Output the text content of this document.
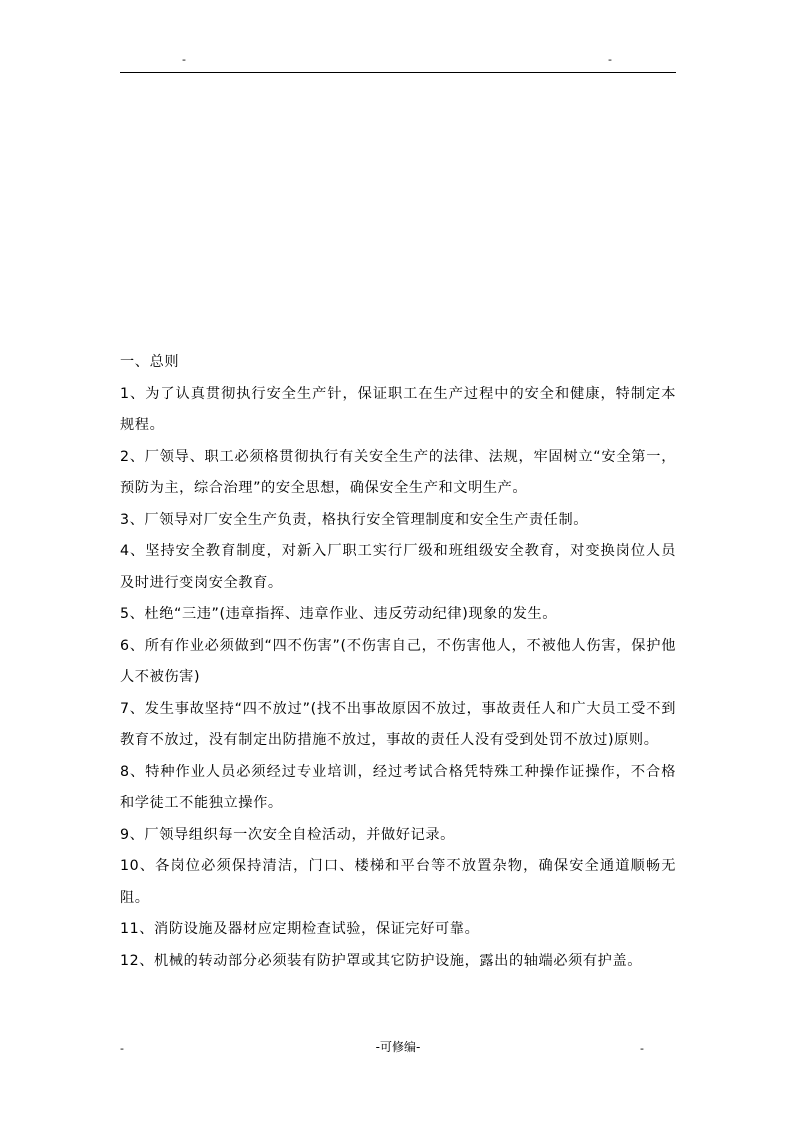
-	-

一、总则

1、为了认真贯彻执行安全生产针，保证职工在生产过程中的安全和健康，特制定本规程。

2、厂领导、职工必须格贯彻执行有关安全生产的法律、法规，牢固树立“安全第一，预防为主，综合治理”的安全思想，确保安全生产和文明生产。

3、厂领导对厂安全生产负责，格执行安全管理制度和安全生产责任制。

4、坚持安全教育制度，对新入厂职工实行厂级和班组级安全教育，对变换岗位人员及时进行变岗安全教育。

5、杜绝“三违”(违章指挥、违章作业、违反劳动纪律)现象的发生。

6、所有作业必须做到“四不伤害”(不伤害自己，不伤害他人，不被他人伤害，保护他人不被伤害)

7、发生事故坚持“四不放过”(找不出事故原因不放过，事故责任人和广大员工受不到教育不放过，没有制定出防措施不放过，事故的责任人没有受到处罚不放过)原则。

8、特种作业人员必须经过专业培训，经过考试合格凭特殊工种操作证操作，不合格和学徒工不能独立操作。

9、厂领导组织每一次安全自检活动，并做好记录。

10、各岗位必须保持清洁，门口、楼梯和平台等不放置杂物，确保安全通道顺畅无阻。

11、消防设施及器材应定期检查试验，保证完好可靠。

12、机械的转动部分必须装有防护罩或其它防护设施，露出的轴端必须有护盖。

-	-可修编-	-
